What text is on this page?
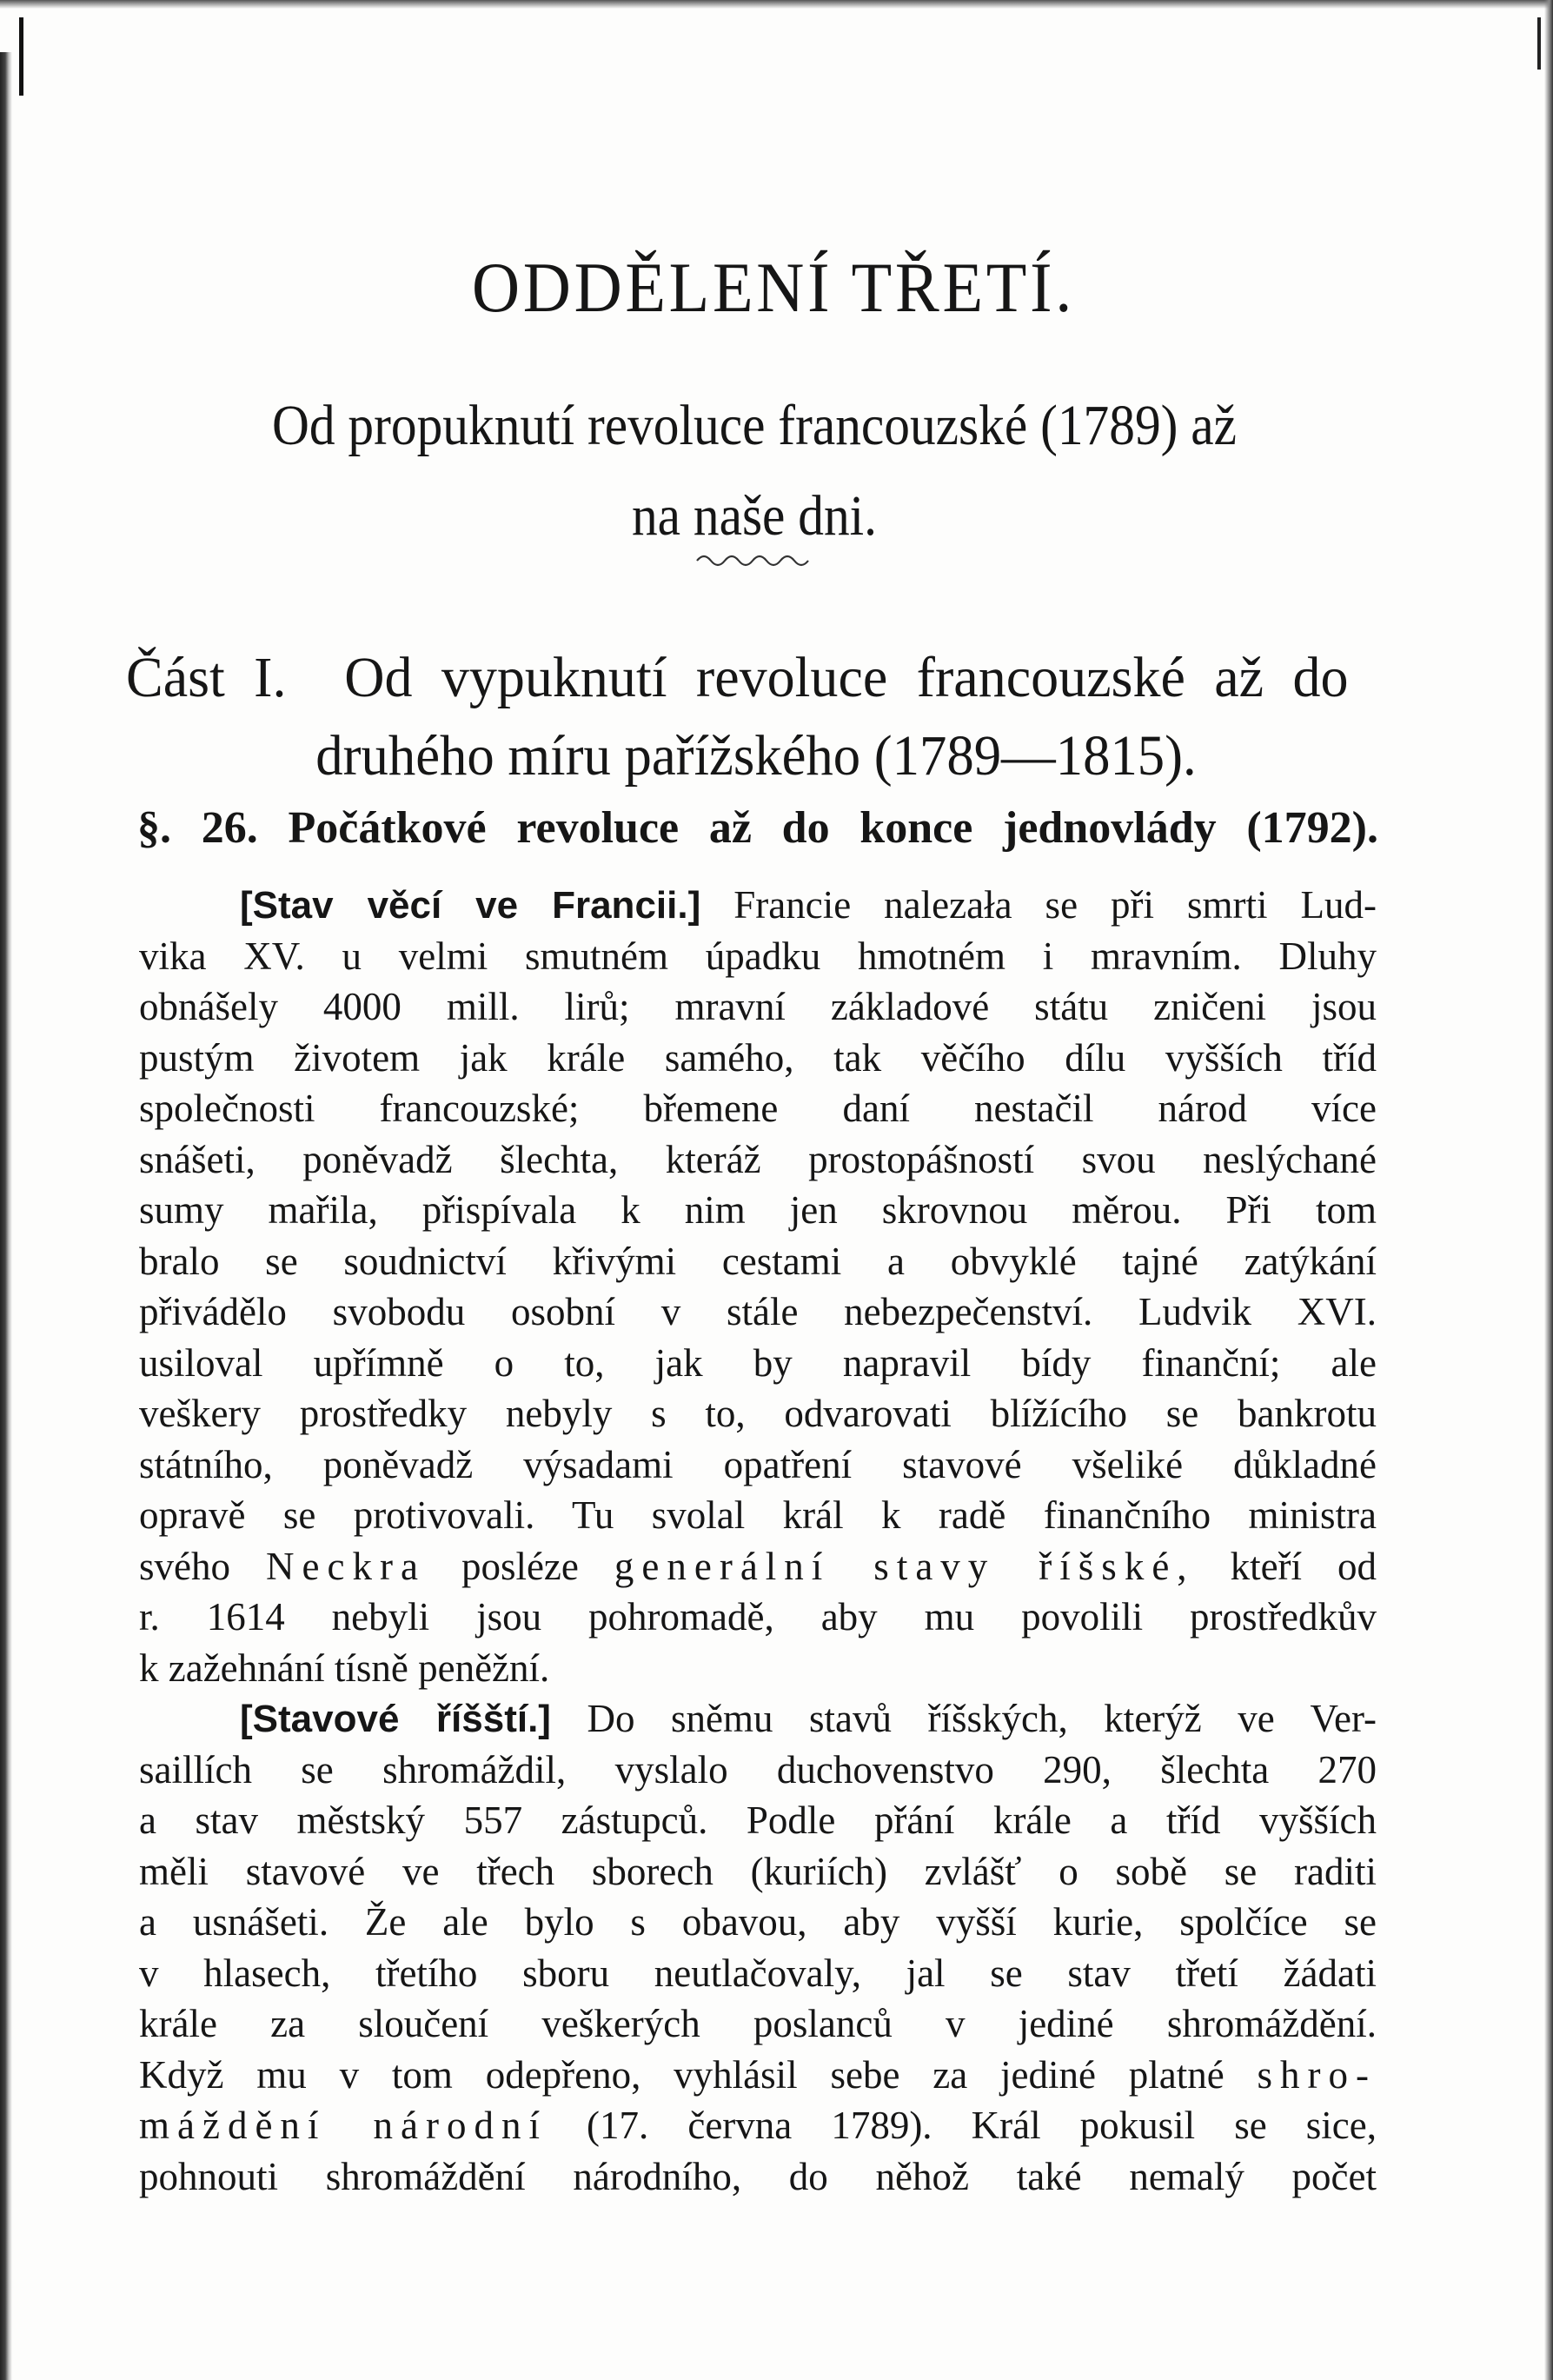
ODDĚLENÍ TŘETÍ.
Od propuknutí revoluce francouzské (1789) až
na naše dni.
Část I. Od vypuknutí revoluce francouzské až do
druhého míru pařížského (1789—1815).
§. 26. Počátkové revoluce až do konce jednovlády (1792).
[Stav věcí ve Francii.] Francie nalezała se při smrti Lud-
vika XV. u velmi smutném úpadku hmotném i mravním. Dluhy
obnášely 4000 mill. lirů; mravní základové státu zničeni jsou
pustým životem jak krále samého, tak věčího dílu vyšších tříd
společnosti francouzské; břemene daní nestačil národ více
snášeti, poněvadž šlechta, kteráž prostopášností svou neslýchané
sumy mařila, přispívala k nim jen skrovnou měrou. Při tom
bralo se soudnictví křivými cestami a obvyklé tajné zatýkání
přivádělo svobodu osobní v stále nebezpečenství. Ludvik XVI.
usiloval upřímně o to, jak by napravil bídy finanční; ale
veškery prostředky nebyly s to, odvarovati blížícího se bankrotu
státního, poněvadž výsadami opatření stavové všeliké důkladné
opravě se protivovali. Tu svolal král k radě finančního ministra
svého Neckra posléze generální stavy říšské, kteří od
r. 1614 nebyli jsou pohromadě, aby mu povolili prostředkův
k zažehnání tísně peněžní.
[Stavové říšští.] Do sněmu stavů říšských, kterýž ve Ver-
saillích se shromáždil, vyslalo duchovenstvo 290, šlechta 270
a stav městský 557 zástupců. Podle přání krále a tříd vyšších
měli stavové ve třech sborech (kuriích) zvlášť o sobě se raditi
a usnášeti. Že ale bylo s obavou, aby vyšší kurie, spolčíce se
v hlasech, třetího sboru neutlačovaly, jal se stav třetí žádati
krále za sloučení veškerých poslanců v jediné shromáždění.
Když mu v tom odepřeno, vyhlásil sebe za jediné platné shro-
máždění národní (17. června 1789). Král pokusil se sice,
pohnouti shromáždění národního, do něhož také nemalý počet
